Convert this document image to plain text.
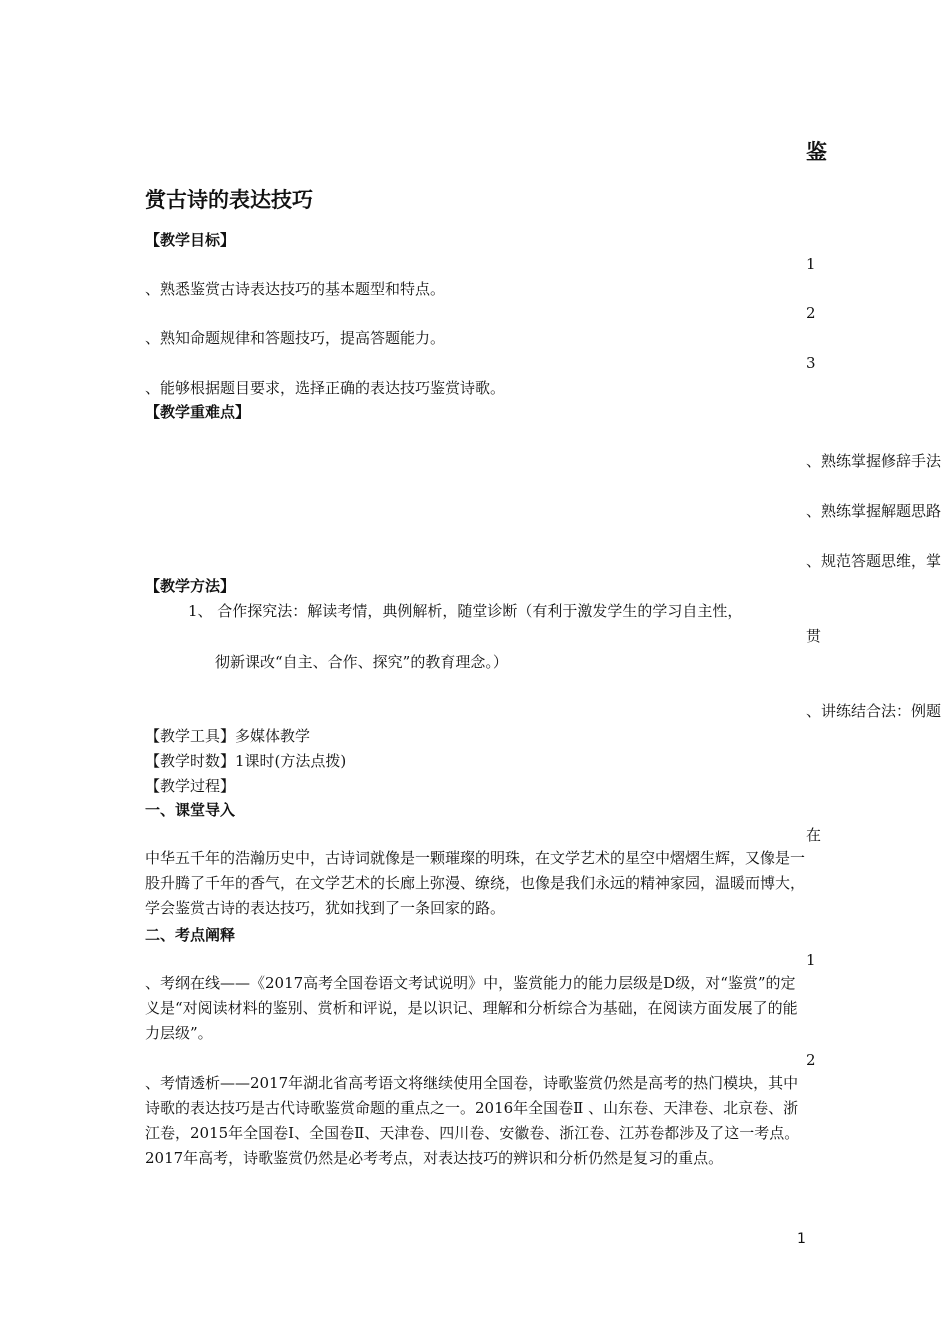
鉴
赏古诗的表达技巧
【教学目标】
1
、熟悉鉴赏古诗表达技巧的基本题型和特点。
2
、熟知命题规律和答题技巧，提高答题能力。
3
、能够根据题目要求，选择正确的表达技巧鉴赏诗歌。
【教学重难点】
、熟练掌握修辞手法
、熟练掌握解题思路
、规范答题思维，掌
【教学方法】
1、 合作探究法：解读考情，典例解析，随堂诊断（有利于激发学生的学习自主性，
贯
彻新课改“自主、合作、探究”的教育理念。）
、讲练结合法：例题
【教学工具】多媒体教学
【教学时数】1课时(方法点拨)
【教学过程】
一、课堂导入
在
中华五千年的浩瀚历史中，古诗词就像是一颗璀璨的明珠，在文学艺术的星空中熠熠生辉，又像是一股升腾了千年的香气，在文学艺术的长廊上弥漫、缭绕，也像是我们永远的精神家园，温暖而博大，学会鉴赏古诗的表达技巧，犹如找到了一条回家的路。
二、考点阐释
1
、考纲在线——《2017高考全国卷语文考试说明》中，鉴赏能力的能力层级是D级，对“鉴赏”的定义是“对阅读材料的鉴别、赏析和评说，是以识记、理解和分析综合为基础，在阅读方面发展了的能力层级”。
2
、考情透析——2017年湖北省高考语文将继续使用全国卷，诗歌鉴赏仍然是高考的热门模块，其中诗歌的表达技巧是古代诗歌鉴赏命题的重点之一。2016年全国卷Ⅱ 、山东卷、天津卷、北京卷、浙江卷，2015年全国卷Ⅰ、全国卷Ⅱ、天津卷、四川卷、安徽卷、浙江卷、江苏卷都涉及了这一考点。2017年高考，诗歌鉴赏仍然是必考考点，对表达技巧的辨识和分析仍然是复习的重点。
1
